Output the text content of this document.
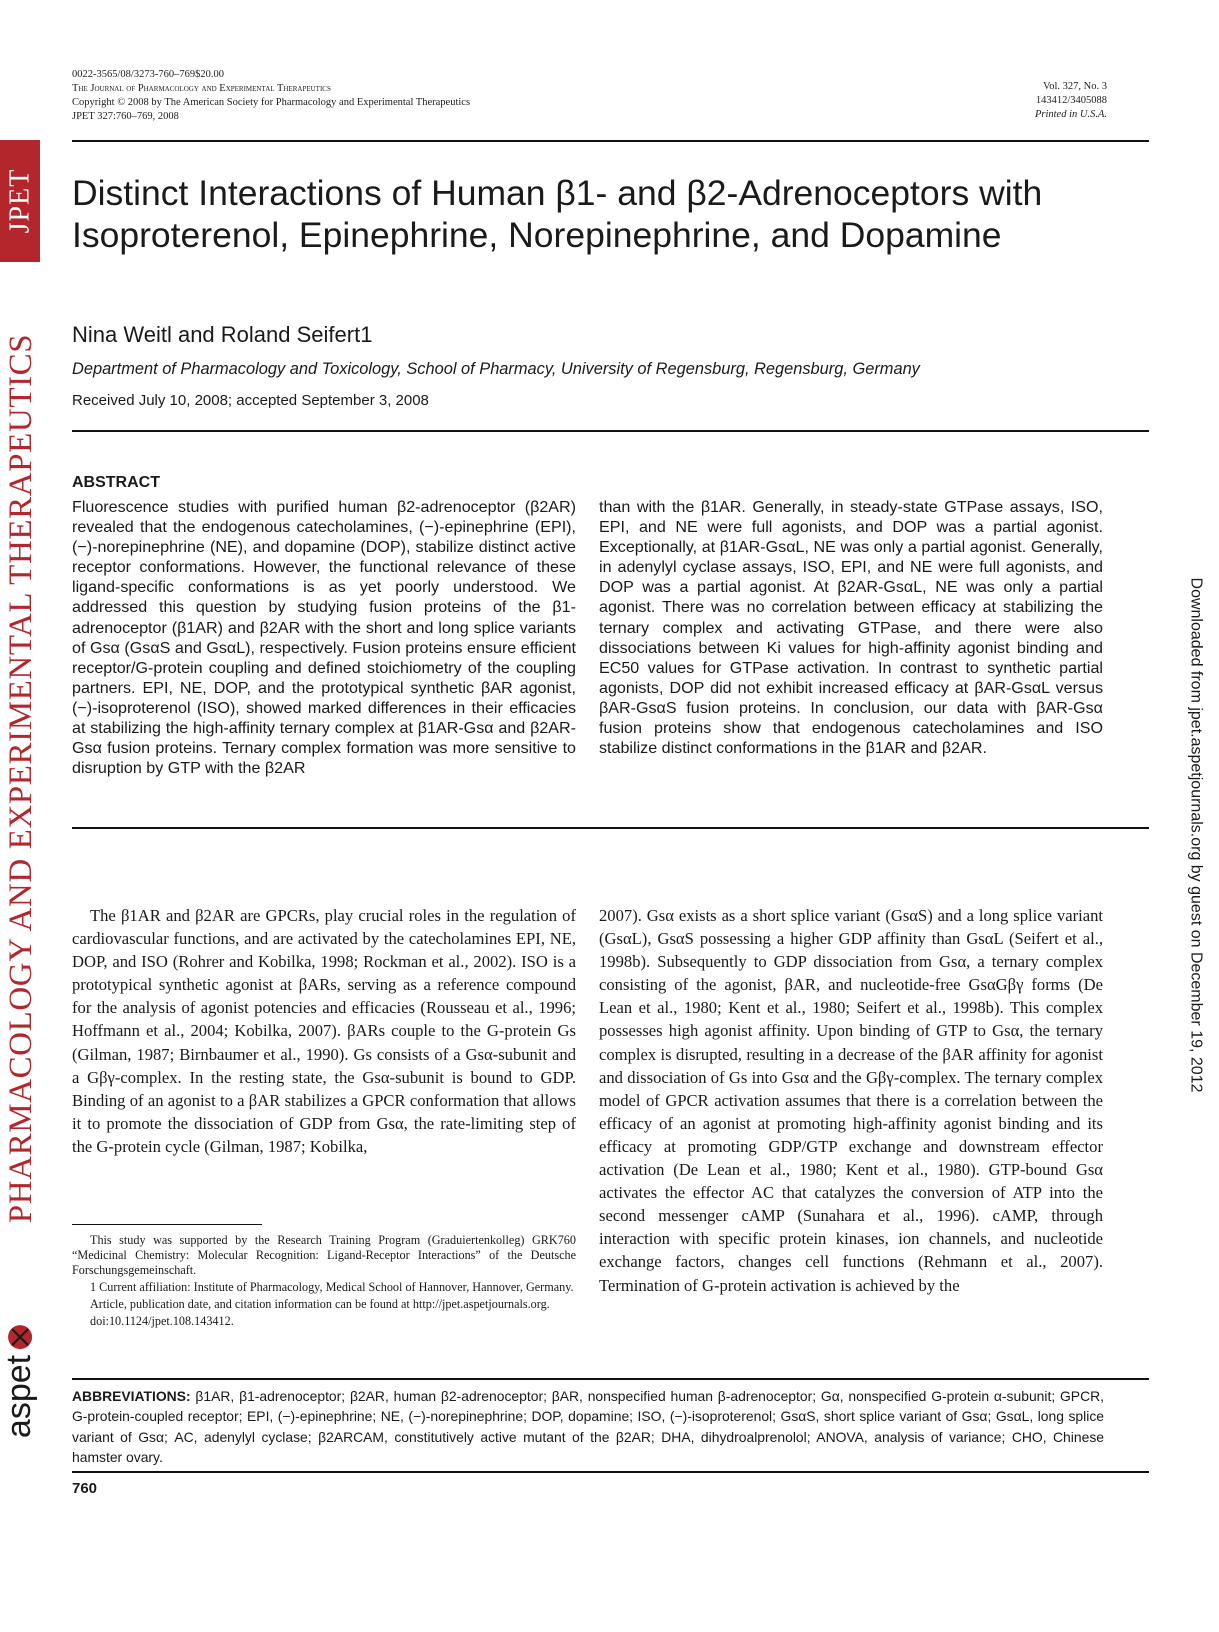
0022-3565/08/3273-760–769$20.00
The Journal of Pharmacology and Experimental Therapeutics
Copyright © 2008 by The American Society for Pharmacology and Experimental Therapeutics
JPET 327:760–769, 2008
Vol. 327, No. 3
143412/3405088
Printed in U.S.A.
JPET
PHARMACOLOGY AND EXPERIMENTAL THERAPEUTICS
aspet
Downloaded from jpet.aspetjournals.org by guest on December 19, 2012
Distinct Interactions of Human β1- and β2-Adrenoceptors with Isoproterenol, Epinephrine, Norepinephrine, and Dopamine
Nina Weitl and Roland Seifert1
Department of Pharmacology and Toxicology, School of Pharmacy, University of Regensburg, Regensburg, Germany
Received July 10, 2008; accepted September 3, 2008
ABSTRACT
Fluorescence studies with purified human β2-adrenoceptor (β2AR) revealed that the endogenous catecholamines, (−)-epinephrine (EPI), (−)-norepinephrine (NE), and dopamine (DOP), stabilize distinct active receptor conformations. However, the functional relevance of these ligand-specific conformations is as yet poorly understood. We addressed this question by studying fusion proteins of the β1-adrenoceptor (β1AR) and β2AR with the short and long splice variants of Gsα (GsαS and GsαL), respectively. Fusion proteins ensure efficient receptor/G-protein coupling and defined stoichiometry of the coupling partners. EPI, NE, DOP, and the prototypical synthetic βAR agonist, (−)-isoproterenol (ISO), showed marked differences in their efficacies at stabilizing the high-affinity ternary complex at β1AR-Gsα and β2AR-Gsα fusion proteins. Ternary complex formation was more sensitive to disruption by GTP with the β2AR
than with the β1AR. Generally, in steady-state GTPase assays, ISO, EPI, and NE were full agonists, and DOP was a partial agonist. Exceptionally, at β1AR-GsαL, NE was only a partial agonist. Generally, in adenylyl cyclase assays, ISO, EPI, and NE were full agonists, and DOP was a partial agonist. At β2AR-GsαL, NE was only a partial agonist. There was no correlation between efficacy at stabilizing the ternary complex and activating GTPase, and there were also dissociations between Ki values for high-affinity agonist binding and EC50 values for GTPase activation. In contrast to synthetic partial agonists, DOP did not exhibit increased efficacy at βAR-GsαL versus βAR-GsαS fusion proteins. In conclusion, our data with βAR-Gsα fusion proteins show that endogenous catecholamines and ISO stabilize distinct conformations in the β1AR and β2AR.
The β1AR and β2AR are GPCRs, play crucial roles in the regulation of cardiovascular functions, and are activated by the catecholamines EPI, NE, DOP, and ISO (Rohrer and Kobilka, 1998; Rockman et al., 2002). ISO is a prototypical synthetic agonist at βARs, serving as a reference compound for the analysis of agonist potencies and efficacies (Rousseau et al., 1996; Hoffmann et al., 2004; Kobilka, 2007). βARs couple to the G-protein Gs (Gilman, 1987; Birnbaumer et al., 1990). Gs consists of a Gsα-subunit and a Gβγ-complex. In the resting state, the Gsα-subunit is bound to GDP. Binding of an agonist to a βAR stabilizes a GPCR conformation that allows it to promote the dissociation of GDP from Gsα, the rate-limiting step of the G-protein cycle (Gilman, 1987; Kobilka,
2007). Gsα exists as a short splice variant (GsαS) and a long splice variant (GsαL), GsαS possessing a higher GDP affinity than GsαL (Seifert et al., 1998b). Subsequently to GDP dissociation from Gsα, a ternary complex consisting of the agonist, βAR, and nucleotide-free GsαGβγ forms (De Lean et al., 1980; Kent et al., 1980; Seifert et al., 1998b). This complex possesses high agonist affinity. Upon binding of GTP to Gsα, the ternary complex is disrupted, resulting in a decrease of the βAR affinity for agonist and dissociation of Gs into Gsα and the Gβγ-complex. The ternary complex model of GPCR activation assumes that there is a correlation between the efficacy of an agonist at promoting high-affinity agonist binding and its efficacy at promoting GDP/GTP exchange and downstream effector activation (De Lean et al., 1980; Kent et al., 1980). GTP-bound Gsα activates the effector AC that catalyzes the conversion of ATP into the second messenger cAMP (Sunahara et al., 1996). cAMP, through interaction with specific protein kinases, ion channels, and nucleotide exchange factors, changes cell functions (Rehmann et al., 2007). Termination of G-protein activation is achieved by the

This study was supported by the Research Training Program (Graduiertenkolleg) GRK760 “Medicinal Chemistry: Molecular Recognition: Ligand-Receptor Interactions” of the Deutsche Forschungsgemeinschaft.

1 Current affiliation: Institute of Pharmacology, Medical School of Hannover, Hannover, Germany.

Article, publication date, and citation information can be found at http://jpet.aspetjournals.org.

doi:10.1124/jpet.108.143412.

ABBREVIATIONS: β1AR, β1-adrenoceptor; β2AR, human β2-adrenoceptor; βAR, nonspecified human β-adrenoceptor; Gα, nonspecified G-protein α-subunit; GPCR, G-protein-coupled receptor; EPI, (−)-epinephrine; NE, (−)-norepinephrine; DOP, dopamine; ISO, (−)-isoproterenol; GsαS, short splice variant of Gsα; GsαL, long splice variant of Gsα; AC, adenylyl cyclase; β2ARCAM, constitutively active mutant of the β2AR; DHA, dihydroalprenolol; ANOVA, analysis of variance; CHO, Chinese hamster ovary.
760
